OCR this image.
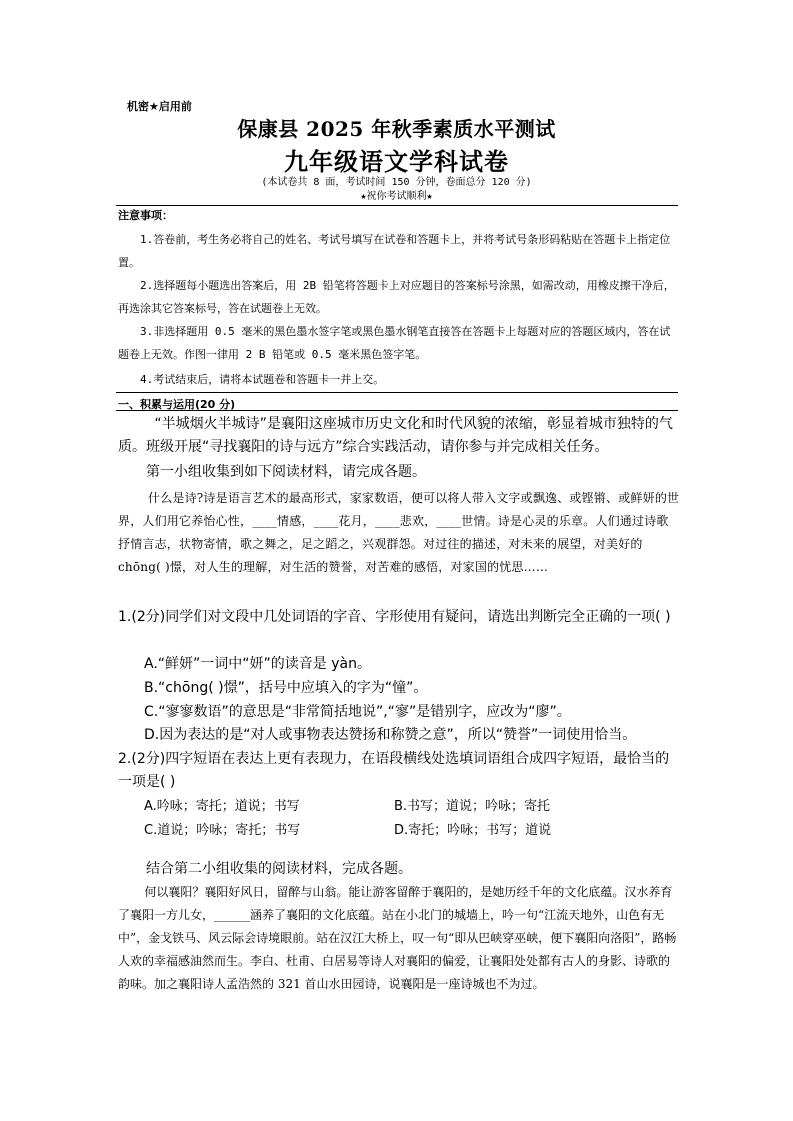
机密★启用前
保康县 2025 年秋季素质水平测试
九年级语文学科试卷
(本试卷共 8 面，考试时间 150 分钟，卷面总分 120 分)
★祝你考试顺利★
注意事项：
1.答卷前，考生务必将自己的姓名、考试号填写在试卷和答题卡上，并将考试号条形码粘贴在答题卡上指定位置。
2.选择题每小题选出答案后，用 2B 铅笔将答题卡上对应题目的答案标号涂黑，如需改动，用橡皮擦干净后，再选涂其它答案标号，答在试题卷上无效。
3.非选择题用 0.5 毫米的黑色墨水签字笔或黑色墨水钢笔直接答在答题卡上每题对应的答题区域内，答在试题卷上无效。作图一律用 2 B 铅笔或 0.5 毫米黑色签字笔。
4.考试结束后，请将本试题卷和答题卡一并上交。
一、积累与运用(20 分)
“半城烟火半城诗”是襄阳这座城市历史文化和时代风貌的浓缩，彰显着城市独特的气质。班级开展“寻找襄阳的诗与远方”综合实践活动，请你参与并完成相关任务。
第一小组收集到如下阅读材料，请完成各题。
什么是诗?诗是语言艺术的最高形式，家家数语，便可以将人带入文字或飘逸、或铿锵、或鲜妍的世界，人们用它养怡心性，____情感，____花月，____悲欢，____世情。诗是心灵的乐章。人们通过诗歌抒情言志，状物寄情，歌之舞之，足之蹈之，兴观群怨。对过往的描述，对未来的展望，对美好的chōng( )憬，对人生的理解，对生活的赞誉，对苦难的感悟，对家国的忧思……
1.(2分)同学们对文段中几处词语的字音、字形使用有疑问，请选出判断完全正确的一项( )
A.“鲜妍”一词中“妍”的读音是 yàn。
B.“chōng( )憬”，括号中应填入的字为“憧”。
C.“寥寥数语”的意思是“非常简括地说”,“寥”是错别字，应改为“廖”。
D.因为表达的是“对人或事物表达赞扬和称赞之意”，所以“赞誉”一词使用恰当。
2.(2分)四字短语在表达上更有表现力，在语段横线处选填词语组合成四字短语，最恰当的一项是( )
A.吟咏；寄托；道说；书写	B.书写；道说；吟咏；寄托
C.道说；吟咏；寄托；书写	D.寄托；吟咏；书写；道说
结合第二小组收集的阅读材料，完成各题。
何以襄阳？襄阳好风日，留醉与山翁。能让游客留醉于襄阳的，是她历经千年的文化底蕴。汉水养育了襄阳一方儿女，______涵养了襄阳的文化底蕴。站在小北门的城墙上，吟一句“江流天地外，山色有无中”，金戈铁马、风云际会诗境眼前。站在汉江大桥上，叹一句“即从巴峡穿巫峡，便下襄阳向洛阳”，路畅人欢的幸福感油然而生。李白、杜甫、白居易等诗人对襄阳的偏爱，让襄阳处处都有古人的身影、诗歌的韵味。加之襄阳诗人孟浩然的 321 首山水田园诗，说襄阳是一座诗城也不为过。
